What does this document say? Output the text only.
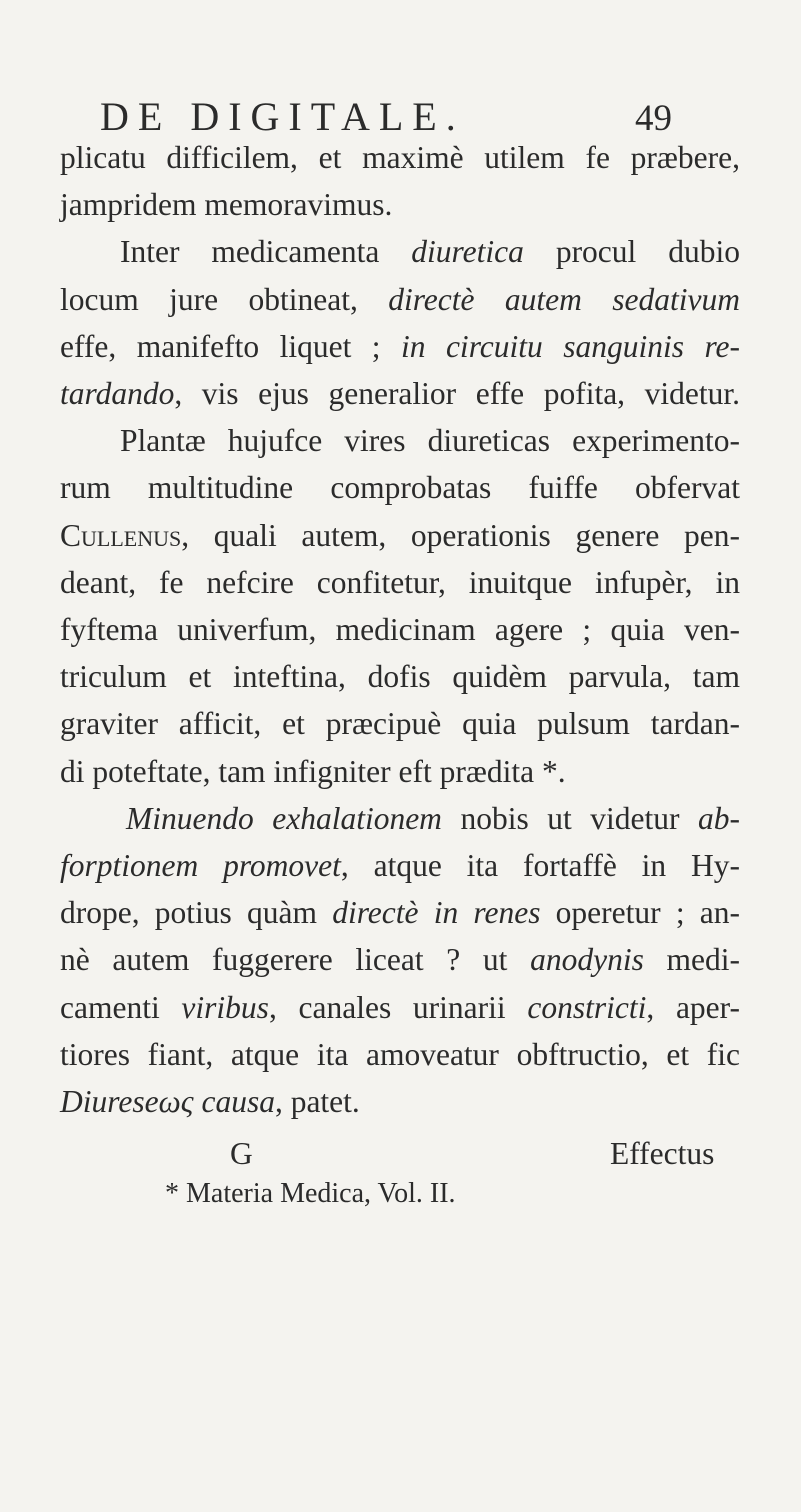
DE DIGITALE.	49
plicatu difficilem, et maximè utilem fe præbere,
jampridem memoravimus.
Inter medicamenta diuretica procul dubio
locum jure obtineat, directè autem sedativum
effe, manifefto liquet ; in circuitu sanguinis re-
tardando, vis ejus generalior effe pofita, videtur.
Plantæ hujufce vires diureticas experimento-
rum multitudine comprobatas fuiffe obfervat
Cullenus, quali autem, operationis genere pen-
deant, fe nefcire confitetur, inuitque infupèr, in
fyftema univerfum, medicinam agere ; quia ven-
triculum et inteftina, dofis quidèm parvula, tam
graviter afficit, et præcipuè quia pulsum tardan-
di poteftate, tam infigniter eft prædita *.
Minuendo exhalationem nobis ut videtur ab-
forptionem promovet, atque ita fortaffè in Hy-
drope, potius quàm directè in renes operetur ; an-
nè autem fuggerere liceat ? ut anodynis medi-
camenti viribus, canales urinarii constricti, aper-
tiores fiant, atque ita amoveatur obftructio, et fic
Diureseως causa, patet.
G	Effectus
* Materia Medica, Vol. II.
